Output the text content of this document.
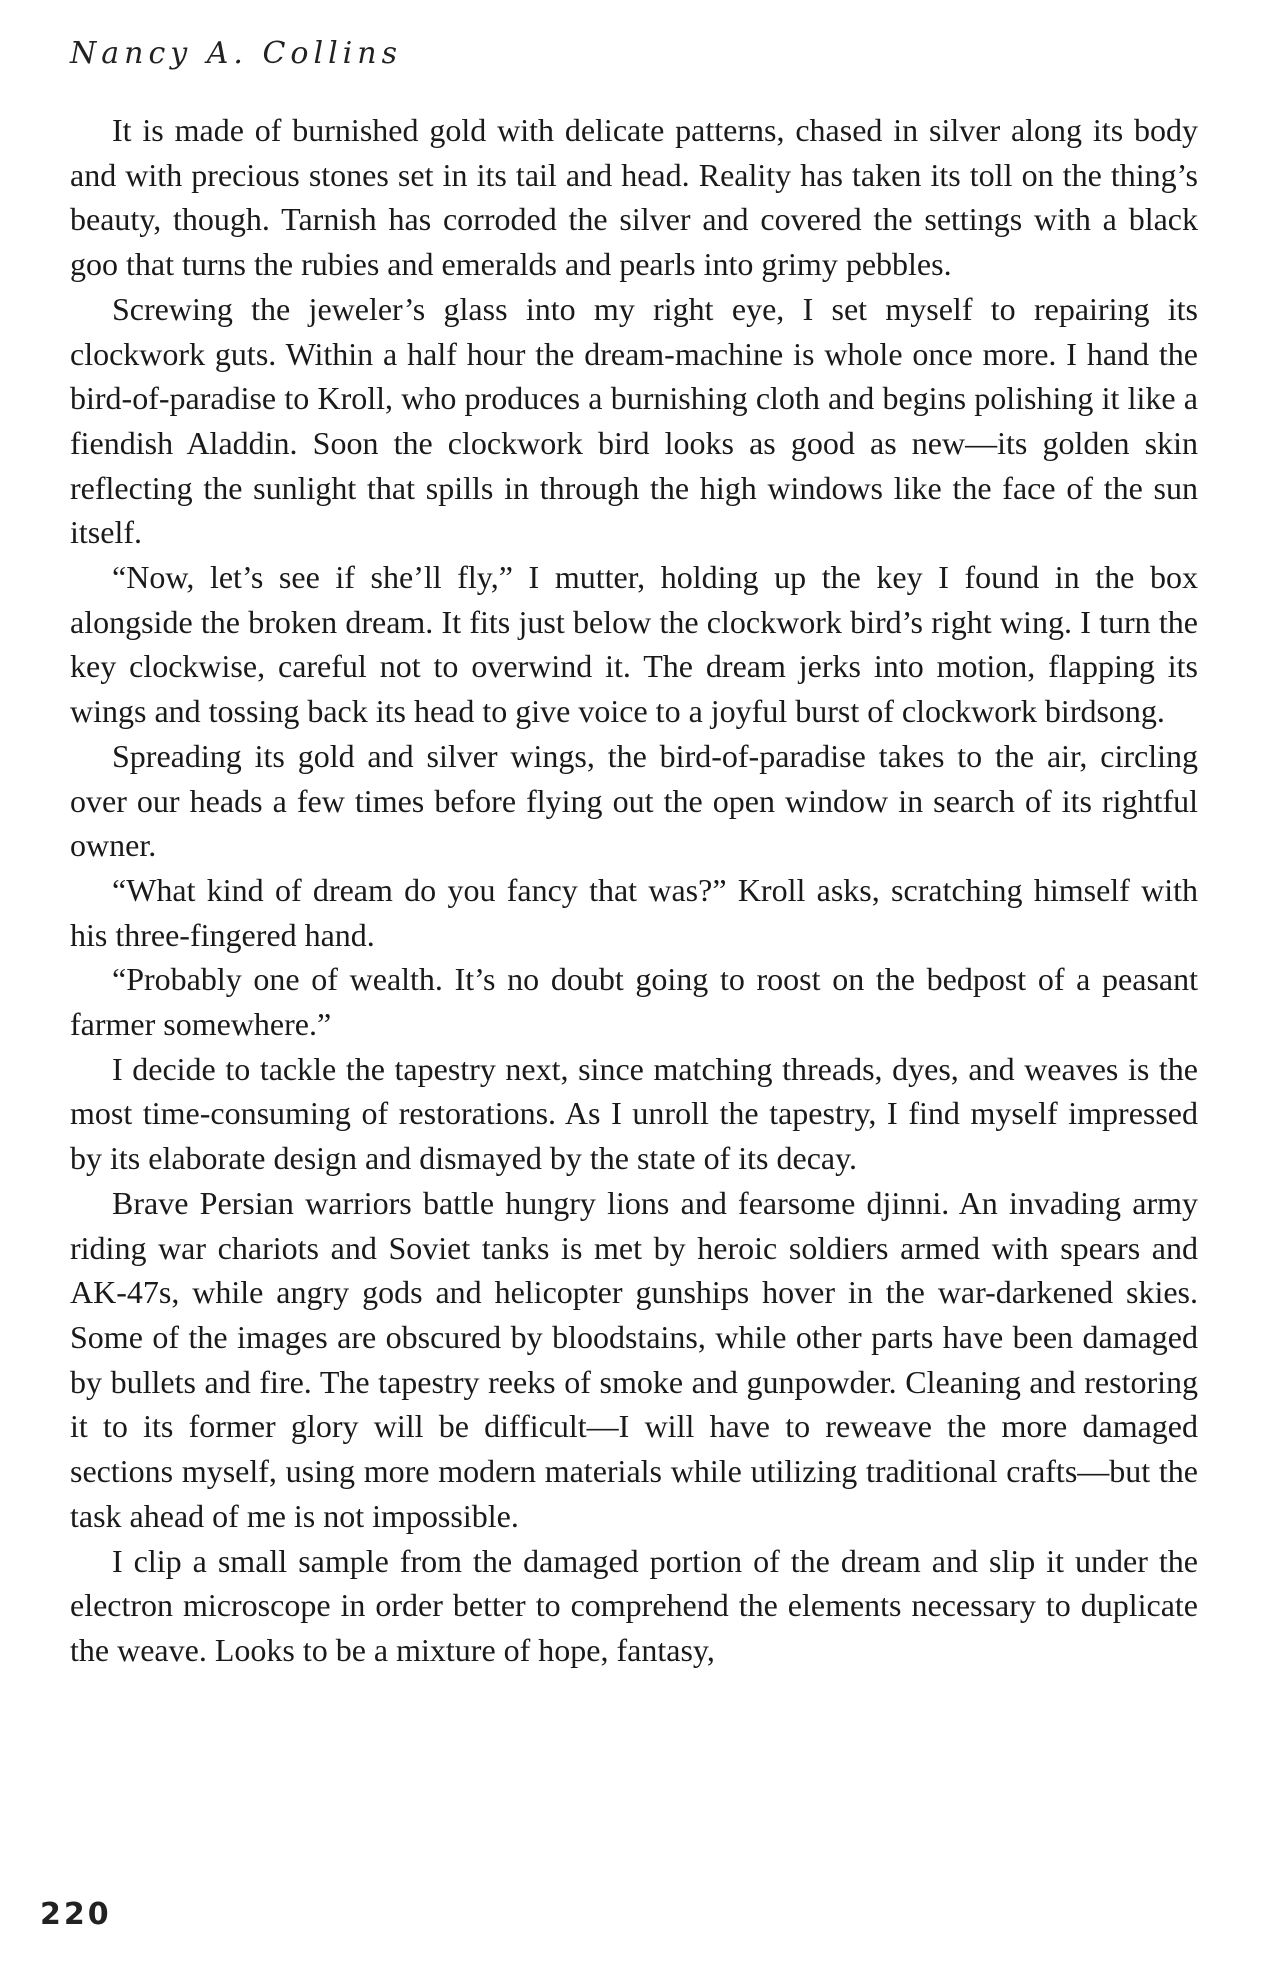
Nancy A. Collins

It is made of burnished gold with delicate patterns, chased in silver along its body and with precious stones set in its tail and head. Reality has taken its toll on the thing’s beauty, though. Tarnish has corroded the silver and covered the settings with a black goo that turns the rubies and emeralds and pearls into grimy pebbles.

Screwing the jeweler’s glass into my right eye, I set myself to repairing its clockwork guts. Within a half hour the dream-machine is whole once more. I hand the bird-of-paradise to Kroll, who produces a burnishing cloth and begins polishing it like a fiendish Aladdin. Soon the clockwork bird looks as good as new—its golden skin reflecting the sunlight that spills in through the high windows like the face of the sun itself.

“Now, let’s see if she’ll fly,” I mutter, holding up the key I found in the box alongside the broken dream. It fits just below the clockwork bird’s right wing. I turn the key clockwise, careful not to overwind it. The dream jerks into motion, flapping its wings and tossing back its head to give voice to a joyful burst of clockwork birdsong.

Spreading its gold and silver wings, the bird-of-paradise takes to the air, circling over our heads a few times before flying out the open window in search of its rightful owner.

“What kind of dream do you fancy that was?” Kroll asks, scratching himself with his three-fingered hand.

“Probably one of wealth. It’s no doubt going to roost on the bedpost of a peasant farmer somewhere.”

I decide to tackle the tapestry next, since matching threads, dyes, and weaves is the most time-consuming of restorations. As I unroll the tapestry, I find myself impressed by its elaborate design and dismayed by the state of its decay.

Brave Persian warriors battle hungry lions and fearsome djinni. An invading army riding war chariots and Soviet tanks is met by heroic soldiers armed with spears and AK-47s, while angry gods and helicopter gunships hover in the war-darkened skies. Some of the images are obscured by bloodstains, while other parts have been damaged by bullets and fire. The tapestry reeks of smoke and gunpowder. Cleaning and restoring it to its former glory will be difficult—I will have to reweave the more damaged sections myself, using more modern materials while utilizing traditional crafts—but the task ahead of me is not impossible.

I clip a small sample from the damaged portion of the dream and slip it under the electron microscope in order better to comprehend the elements necessary to duplicate the weave. Looks to be a mixture of hope, fantasy,

220
